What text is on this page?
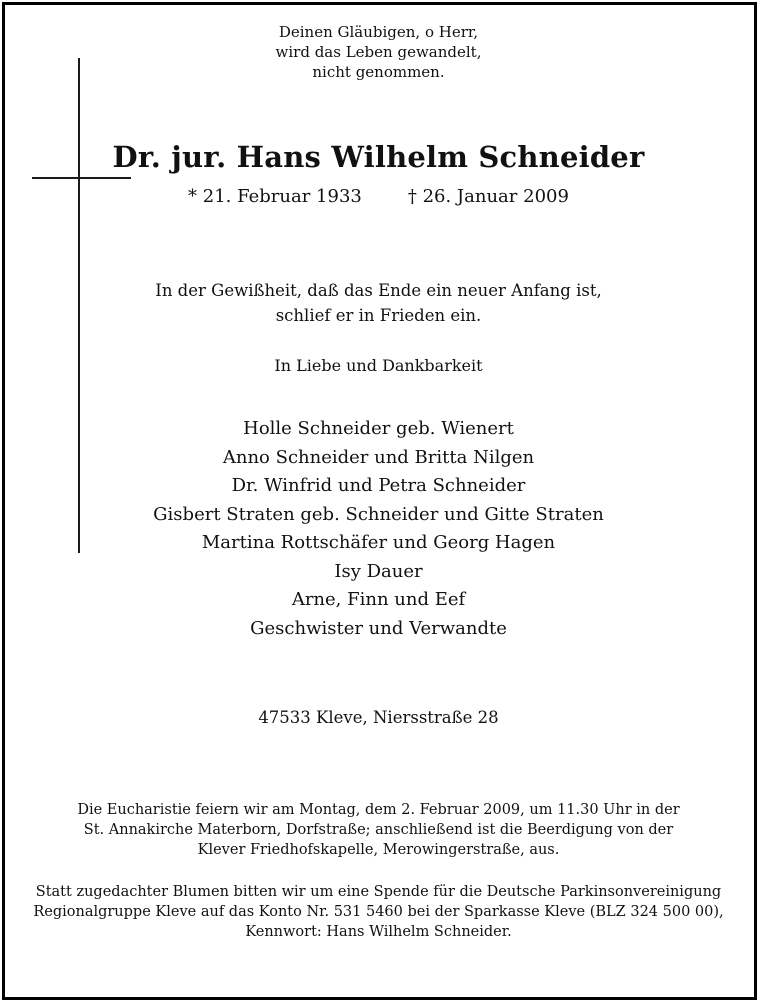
Deinen Gläubigen, o Herr,
wird das Leben gewandelt,
nicht genommen.
Dr. jur. Hans Wilhelm Schneider
* 21. Februar 1933	† 26. Januar 2009
In der Gewißheit, daß das Ende ein neuer Anfang ist,
schlief er in Frieden ein.
In Liebe und Dankbarkeit
Holle Schneider geb. Wienert
Anno Schneider und Britta Nilgen
Dr. Winfrid und Petra Schneider
Gisbert Straten geb. Schneider und Gitte Straten
Martina Rottschäfer und Georg Hagen
Isy Dauer
Arne, Finn und Eef
Geschwister und Verwandte
47533 Kleve, Niersstraße 28
Die Eucharistie feiern wir am Montag, dem 2. Februar 2009, um 11.30 Uhr in der
St. Annakirche Materborn, Dorfstraße; anschließend ist die Beerdigung von der
Klever Friedhofskapelle, Merowingerstraße, aus.
Statt zugedachter Blumen bitten wir um eine Spende für die Deutsche Parkinsonvereinigung
Regionalgruppe Kleve auf das Konto Nr. 531 5460 bei der Sparkasse Kleve (BLZ 324 500 00),
Kennwort: Hans Wilhelm Schneider.
